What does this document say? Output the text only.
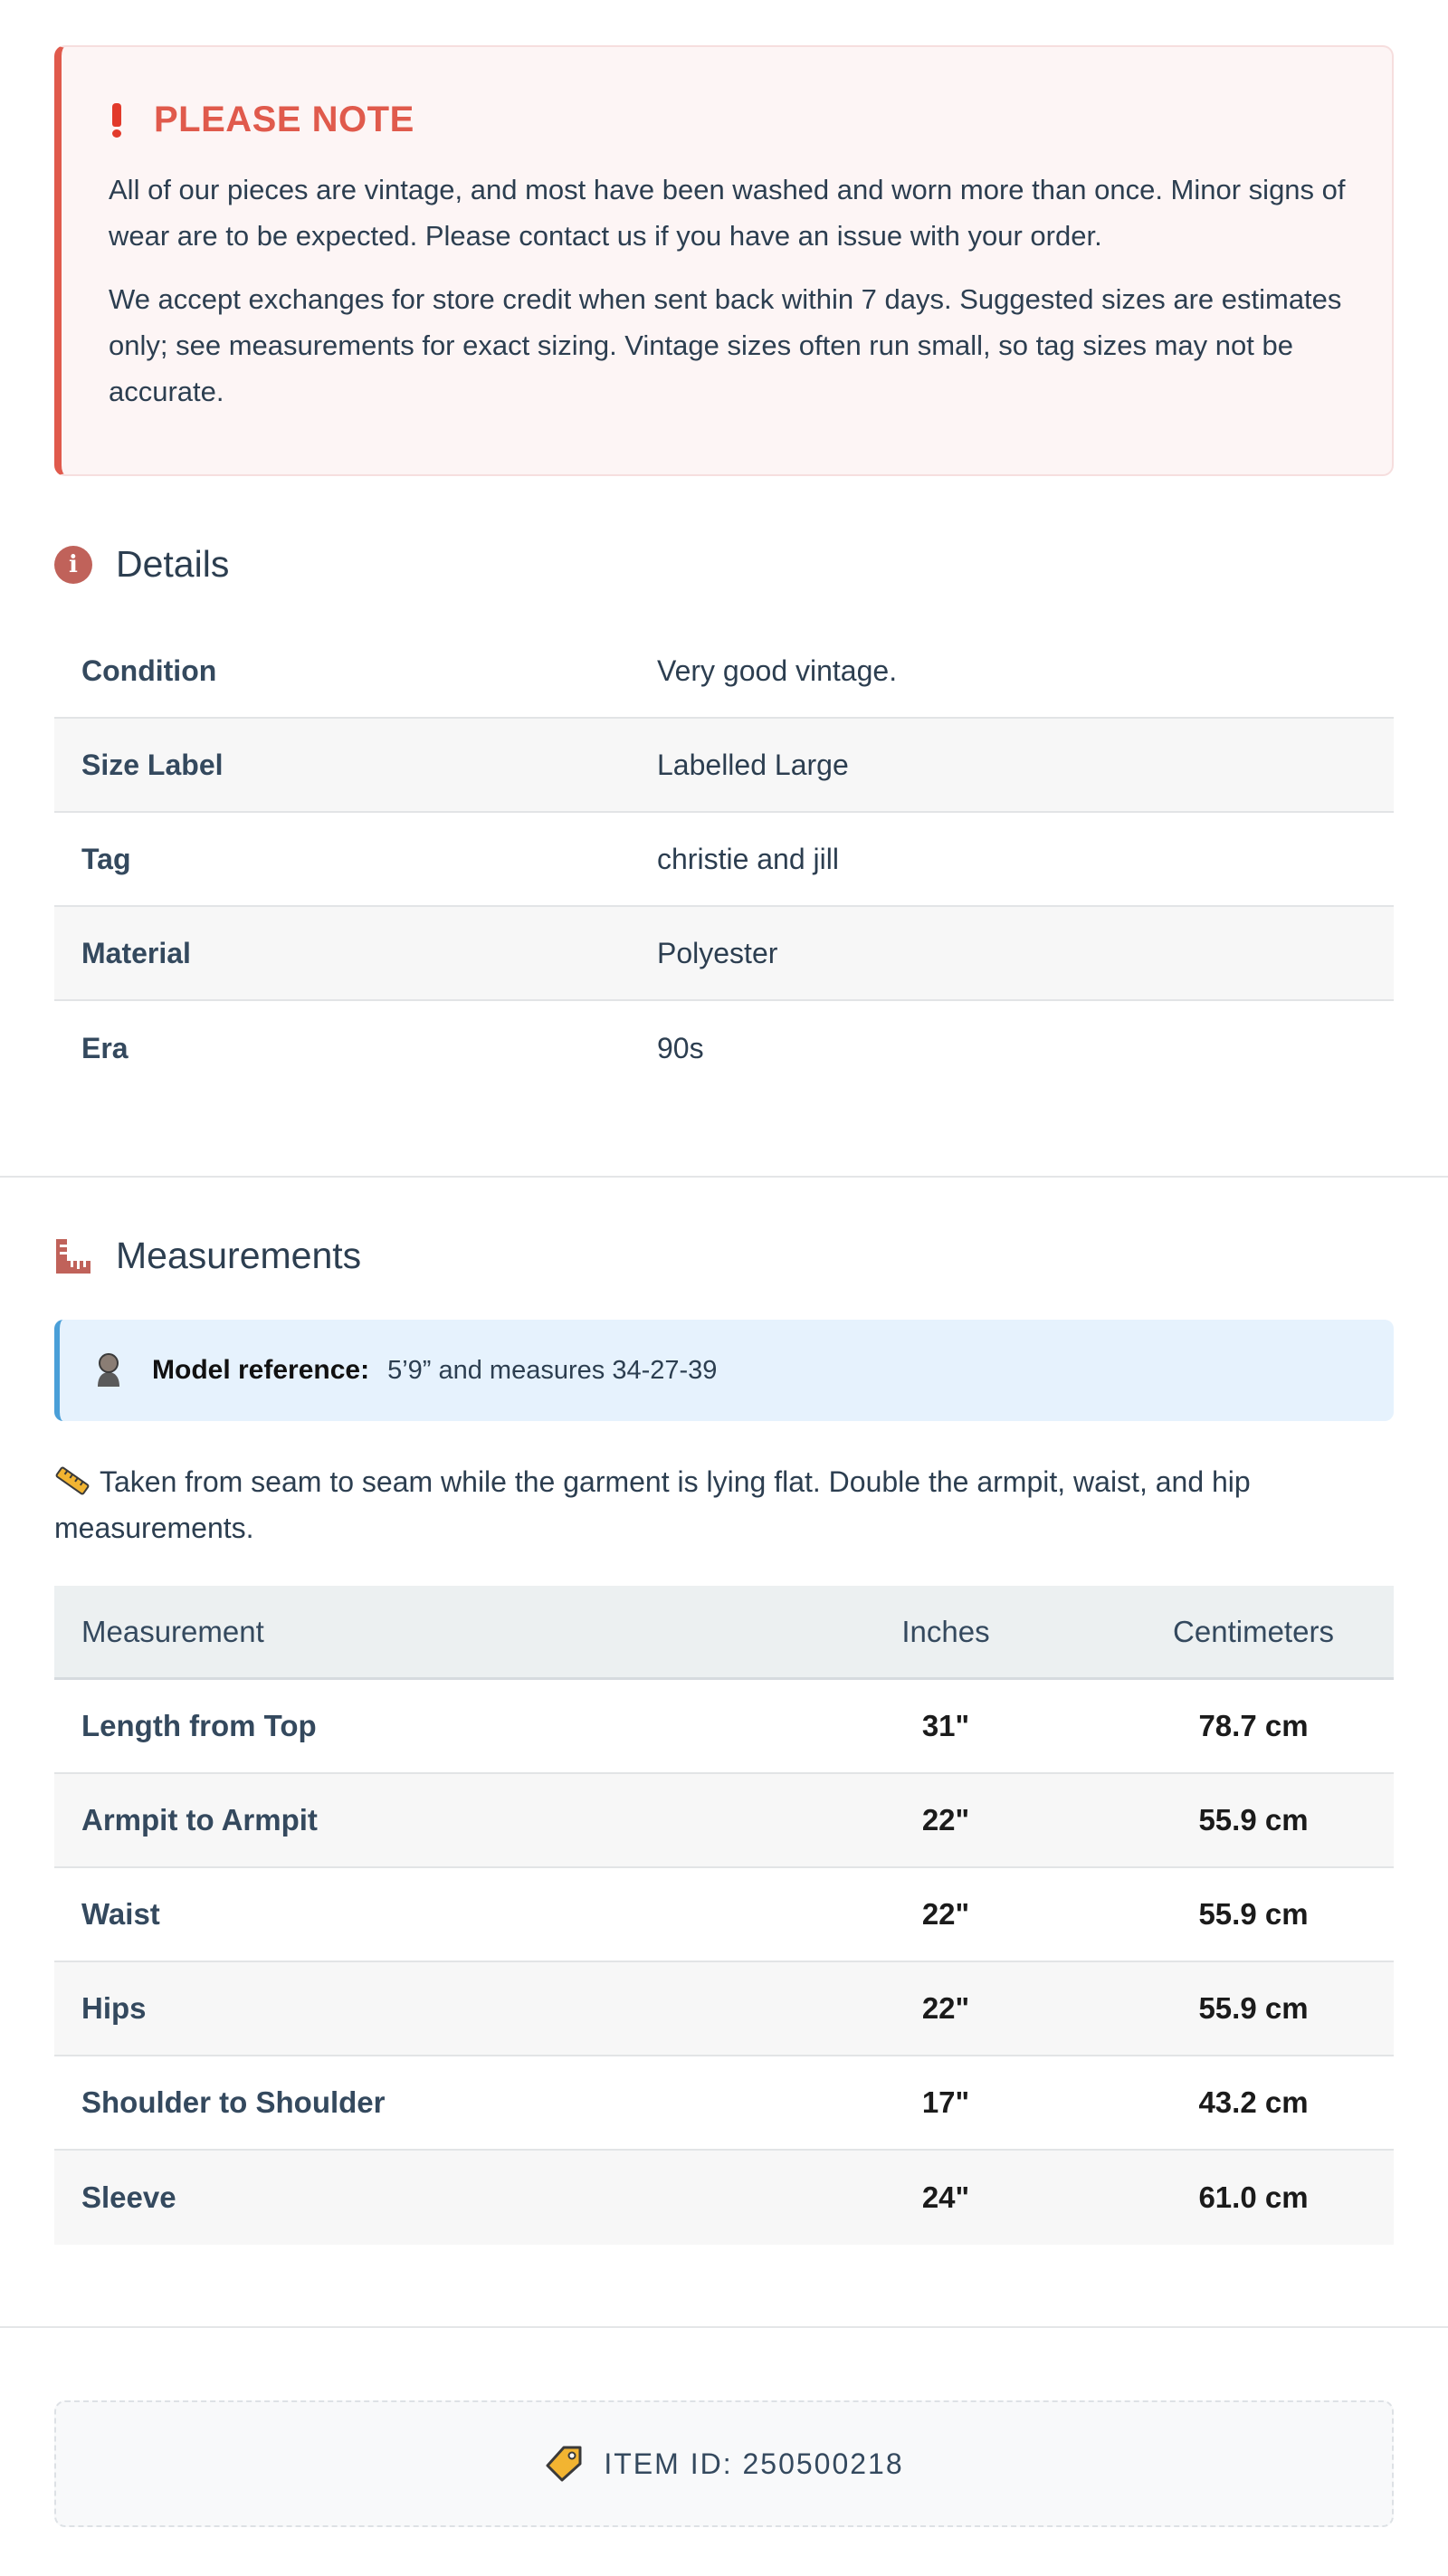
PLEASE NOTE

All of our pieces are vintage, and most have been washed and worn more than once. Minor signs of wear are to be expected. Please contact us if you have an issue with your order.

We accept exchanges for store credit when sent back within 7 days. Suggested sizes are estimates only; see measurements for exact sizing. Vintage sizes often run small, so tag sizes may not be accurate.

i	Details
Condition	Very good vintage.
Size Label	Labelled Large
Tag	christie and jill
Material	Polyester
Era	90s
Measurements
Model reference: 5’9” and measures 34-27-39
Taken from seam to seam while the garment is lying flat. Double the armpit, waist, and hip measurements.
Measurement	Inches	Centimeters
Length from Top	31"	78.7 cm
Armpit to Armpit	22"	55.9 cm
Waist	22"	55.9 cm
Hips	22"	55.9 cm
Shoulder to Shoulder	17"	43.2 cm
Sleeve	24"	61.0 cm
ITEM ID: 250500218
